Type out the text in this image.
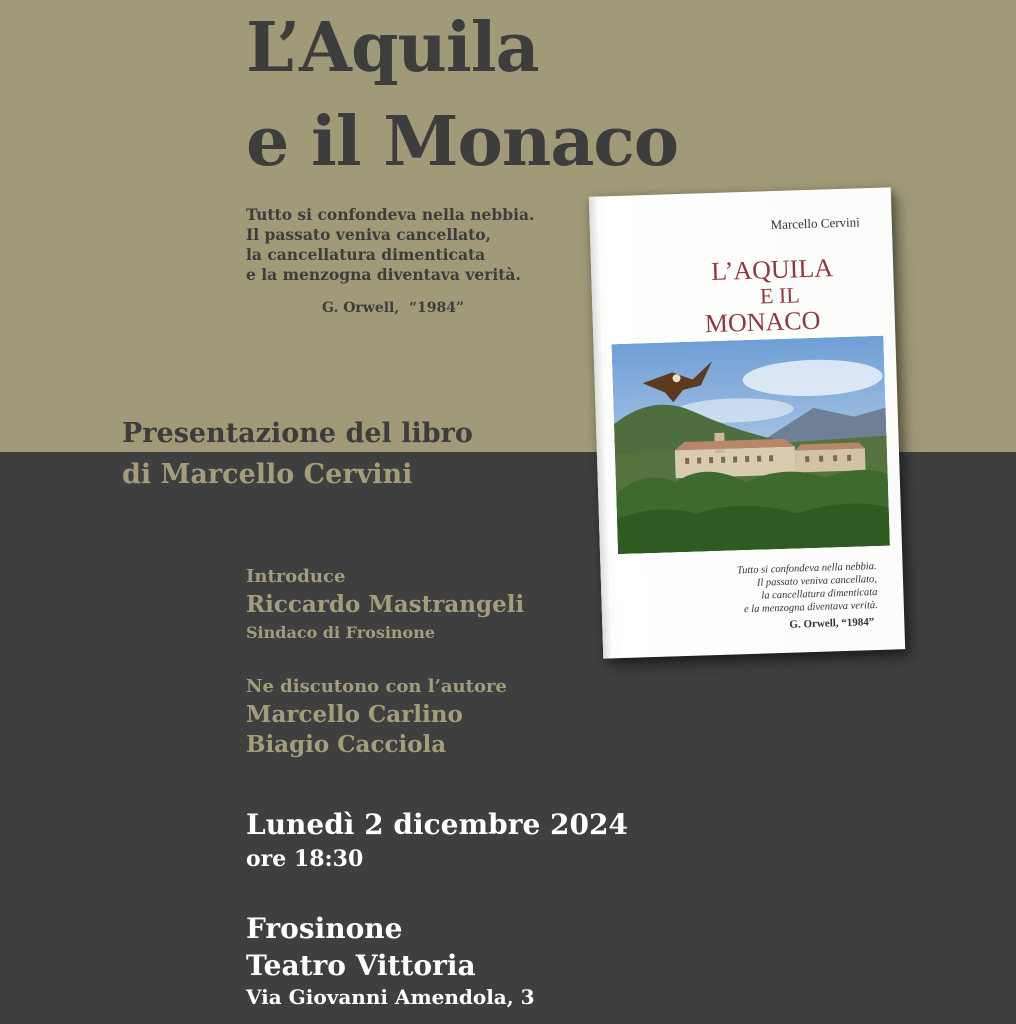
L’Aquila
e il Monaco
Tutto si confondeva nella nebbia.
Il passato veniva cancellato,
la cancellatura dimenticata
e la menzogna diventava verità.
G. Orwell, “1984”
Presentazione del libro
di Marcello Cervini
Introduce
Riccardo Mastrangeli
Sindaco di Frosinone
Ne discutono con l’autore
Marcello Carlino
Biagio Cacciola
Lunedì 2 dicembre 2024
ore 18:30
Frosinone
Teatro Vittoria
Via Giovanni Amendola, 3
Marcello Cervini
L’AQUILA
E IL
MONACO
Tutto si confondeva nella nebbia.
Il passato veniva cancellato,
la cancellatura dimenticata
e la menzogna diventava verità.
G. Orwell, “1984”
